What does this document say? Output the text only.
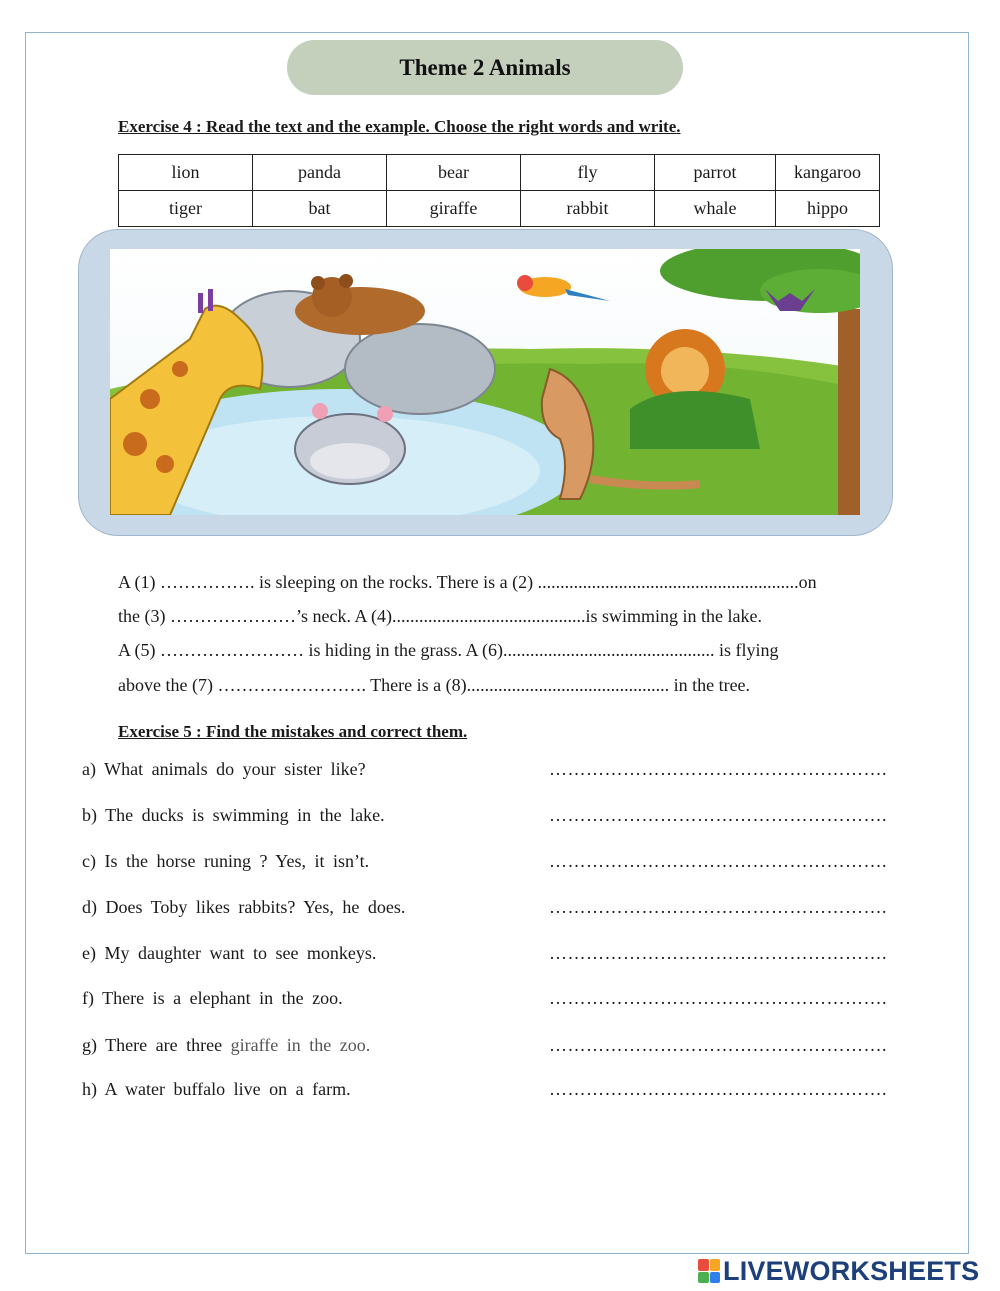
Theme 2 Animals
Exercise 4 : Read the text and the example. Choose the right words and write.
lion	panda	bear	fly	parrot	kangaroo
tiger	bat	giraffe	rabbit	whale	hippo
A (1) ……………. is sleeping on the rocks. There is a (2) ..........................................................on
the (3) …………………’s neck. A (4)...........................................is swimming in the lake.
A (5) …………………… is hiding in the grass. A (6)............................................... is flying
above the (7) ……………………. There is a (8)............................................. in the tree.
Exercise 5 : Find the mistakes and correct them.
a) What animals do your sister like?	……………………………………………….
b) The ducks is swimming in the lake.	……………………………………………….
c) Is the horse runing ? Yes, it isn’t.	……………………………………………….
d) Does Toby likes rabbits? Yes, he does.	……………………………………………….
e) My daughter want to see monkeys.	……………………………………………….
f) There is a elephant in the zoo.	……………………………………………….
g) There are three giraffe in the zoo.	……………………………………………….
h) A water buffalo live on a farm.	……………………………………………….
LIVEWORKSHEETS
